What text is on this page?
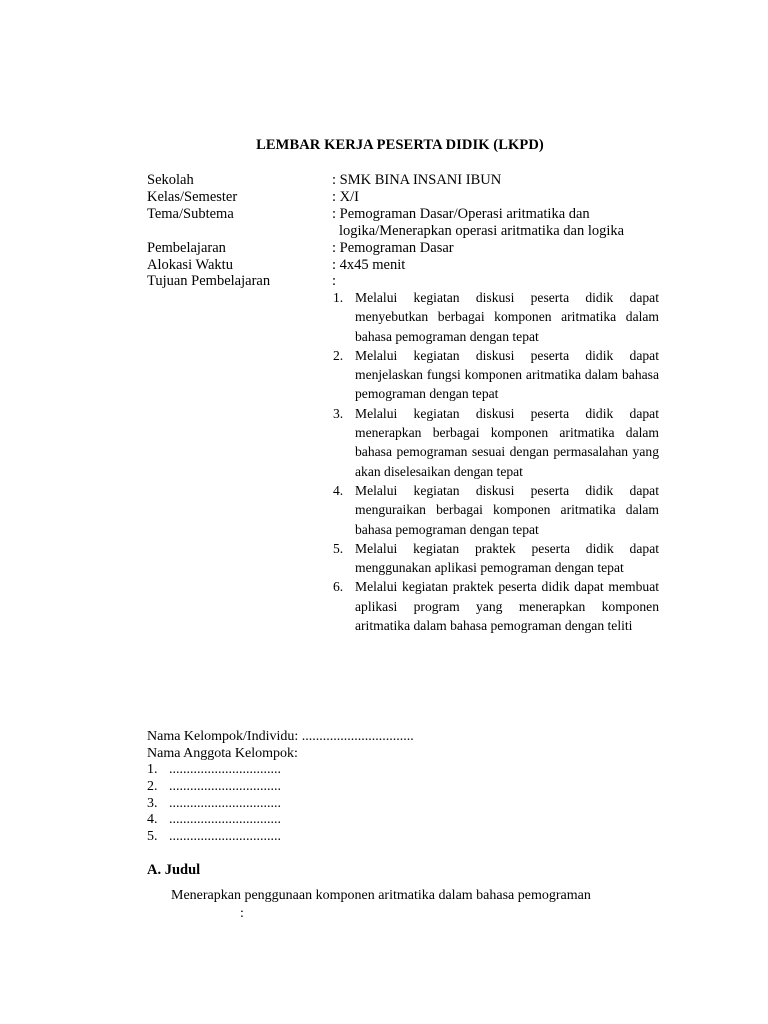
LEMBAR KERJA PESERTA DIDIK (LKPD)
Sekolah	: SMK BINA INSANI IBUN
Kelas/Semester	: X/I
Tema/Subtema	: Pemograman Dasar/Operasi aritmatika dan
logika/Menerapkan operasi aritmatika dan logika
Pembelajaran	: Pemograman Dasar
Alokasi Waktu	: 4x45 menit
Tujuan Pembelajaran	:
1. Melalui kegiatan diskusi peserta didik dapat menyebutkan berbagai komponen aritmatika dalam bahasa pemograman dengan tepat
2. Melalui kegiatan diskusi peserta didik dapat menjelaskan fungsi komponen aritmatika dalam bahasa pemograman dengan tepat
3. Melalui kegiatan diskusi peserta didik dapat menerapkan berbagai komponen aritmatika dalam bahasa pemograman sesuai dengan permasalahan yang akan diselesaikan dengan tepat
4. Melalui kegiatan diskusi peserta didik dapat menguraikan berbagai komponen aritmatika dalam bahasa pemograman dengan tepat
5. Melalui kegiatan praktek peserta didik dapat menggunakan aplikasi pemograman dengan tepat
6. Melalui kegiatan praktek peserta didik dapat membuat aplikasi program yang menerapkan komponen aritmatika dalam bahasa pemograman dengan teliti
Nama Kelompok/Individu: ................................
Nama Anggota Kelompok:
1. ................................
2. ................................
3. ................................
4. ................................
5. ................................
A. Judul
Menerapkan penggunaan komponen aritmatika dalam bahasa pemograman
:
